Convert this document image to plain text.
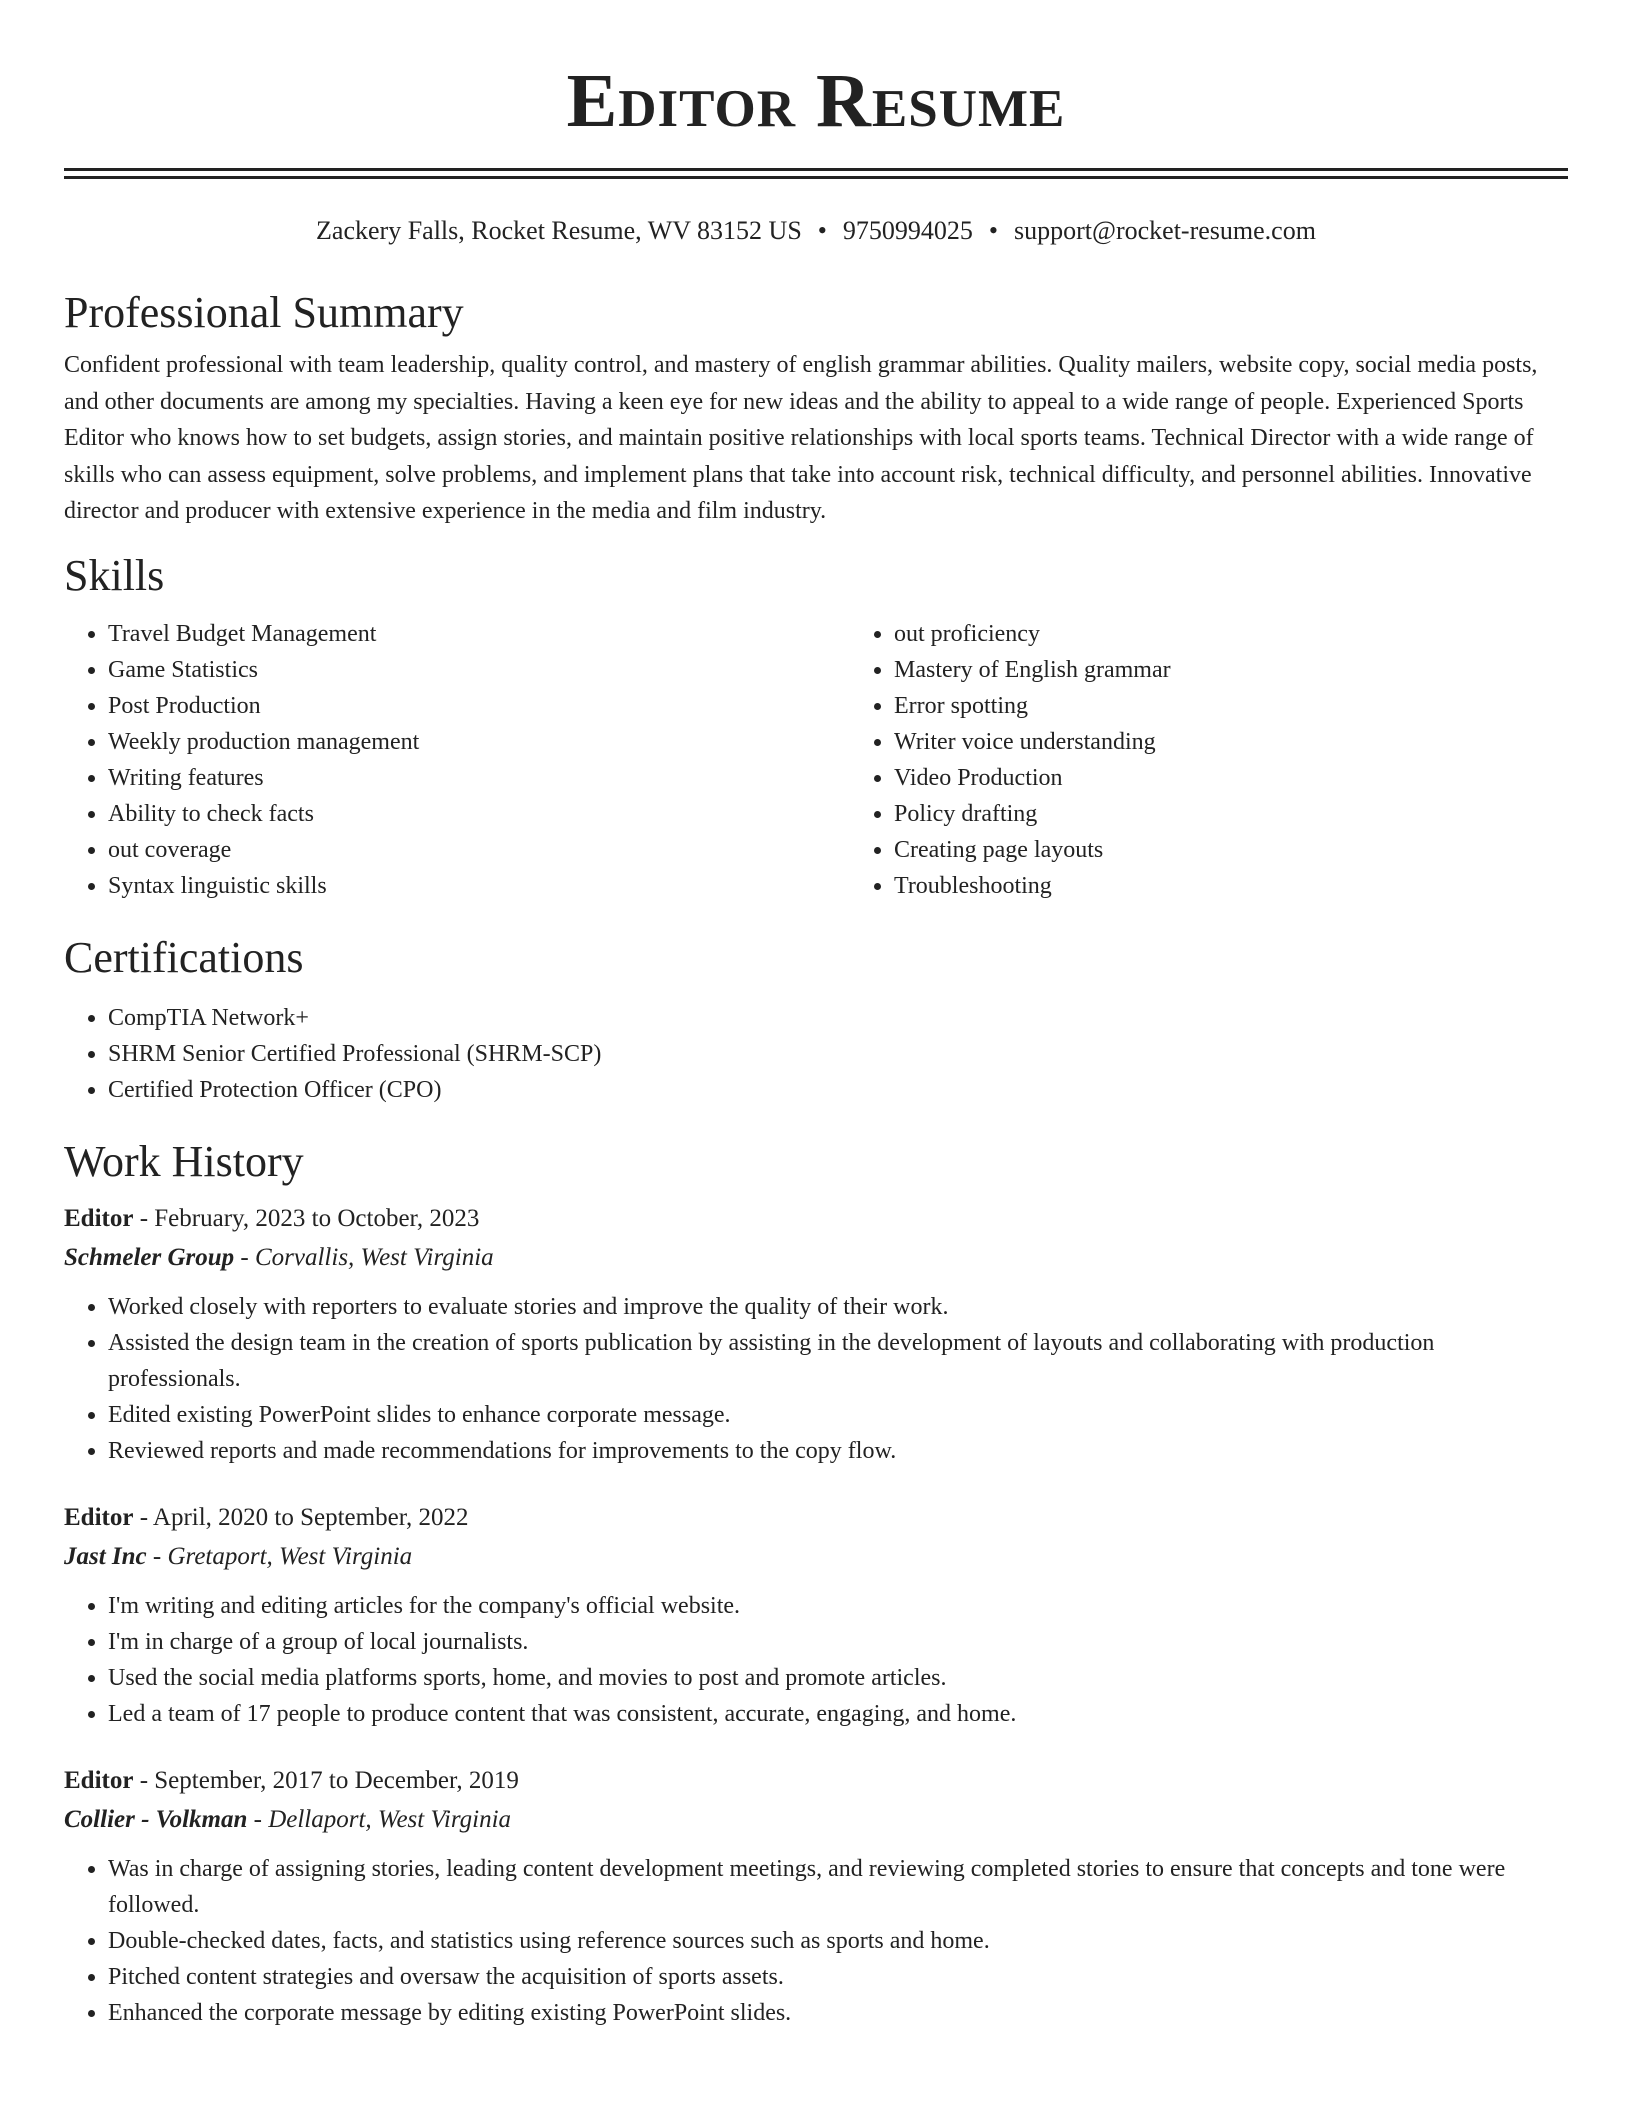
Editor Resume
Zackery Falls, Rocket Resume, WV 83152 US • 9750994025 • support@rocket-resume.com
Professional Summary

Confident professional with team leadership, quality control, and mastery of english grammar abilities. Quality mailers, website copy, social media posts, and other documents are among my specialties. Having a keen eye for new ideas and the ability to appeal to a wide range of people. Experienced Sports Editor who knows how to set budgets, assign stories, and maintain positive relationships with local sports teams. Technical Director with a wide range of skills who can assess equipment, solve problems, and implement plans that take into account risk, technical difficulty, and personnel abilities. Innovative director and producer with extensive experience in the media and film industry.

Skills
• Travel Budget Management
• Game Statistics
• Post Production
• Weekly production management
• Writing features
• Ability to check facts
• out coverage
• Syntax linguistic skills
• out proficiency
• Mastery of English grammar
• Error spotting
• Writer voice understanding
• Video Production
• Policy drafting
• Creating page layouts
• Troubleshooting
Certifications
• CompTIA Network+
• SHRM Senior Certified Professional (SHRM-SCP)
• Certified Protection Officer (CPO)
Work History
Editor - February, 2023 to October, 2023
Schmeler Group - Corvallis, West Virginia
• Worked closely with reporters to evaluate stories and improve the quality of their work.
• Assisted the design team in the creation of sports publication by assisting in the development of layouts and collaborating with production professionals.
• Edited existing PowerPoint slides to enhance corporate message.
• Reviewed reports and made recommendations for improvements to the copy flow.
Editor - April, 2020 to September, 2022
Jast Inc - Gretaport, West Virginia
• I'm writing and editing articles for the company's official website.
• I'm in charge of a group of local journalists.
• Used the social media platforms sports, home, and movies to post and promote articles.
• Led a team of 17 people to produce content that was consistent, accurate, engaging, and home.
Editor - September, 2017 to December, 2019
Collier - Volkman - Dellaport, West Virginia
• Was in charge of assigning stories, leading content development meetings, and reviewing completed stories to ensure that concepts and tone were followed.
• Double-checked dates, facts, and statistics using reference sources such as sports and home.
• Pitched content strategies and oversaw the acquisition of sports assets.
• Enhanced the corporate message by editing existing PowerPoint slides.
